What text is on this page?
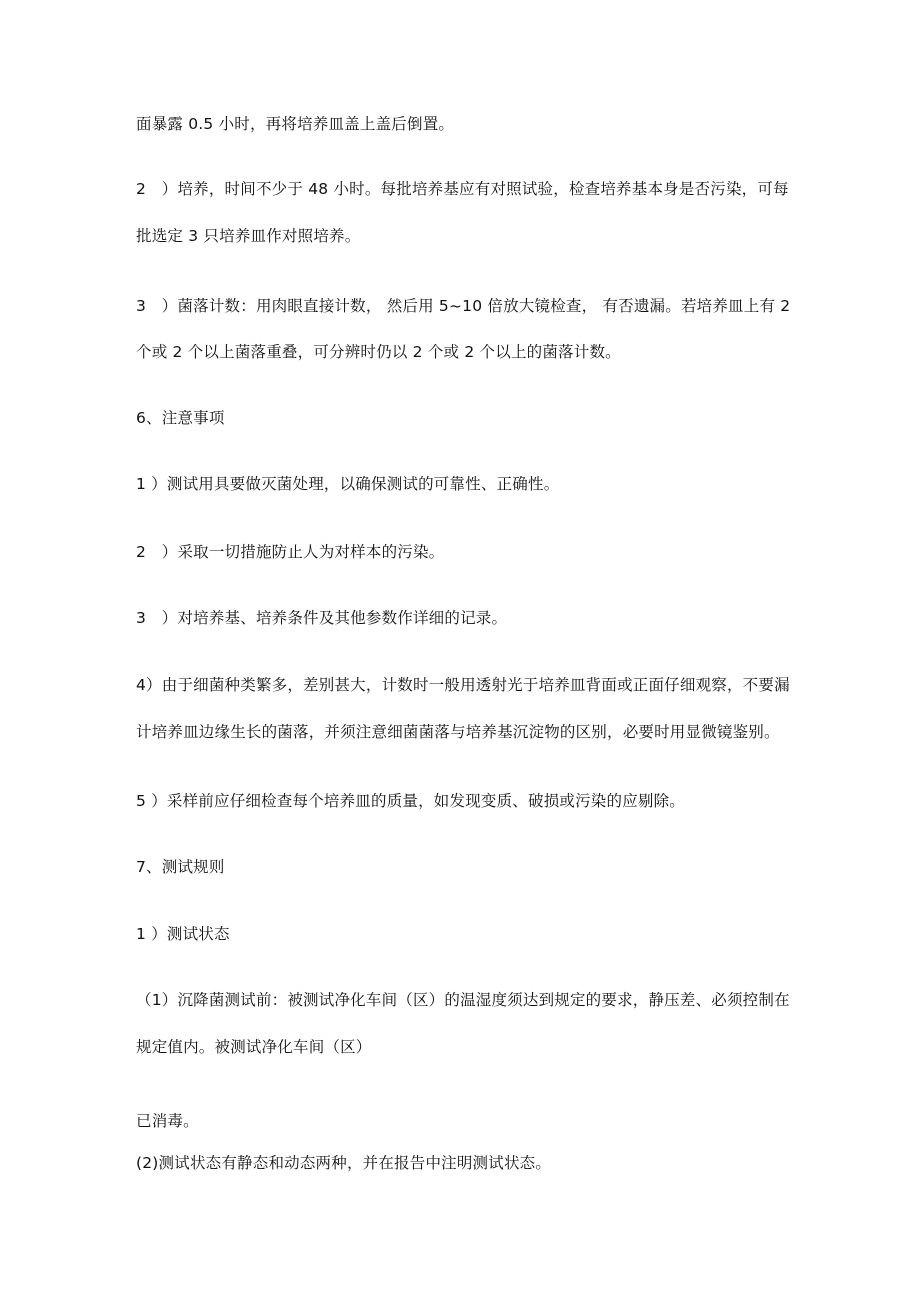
面暴露 0.5 小时，再将培养皿盖上盖后倒置。
2　）培养，时间不少于 48 小时。每批培养基应有对照试验，检查培养基本身是否污染，可每
批选定 3 只培养皿作对照培养。
3　）菌落计数：用肉眼直接计数， 然后用 5~10 倍放大镜检查， 有否遗漏。若培养皿上有 2
个或 2 个以上菌落重叠，可分辨时仍以 2 个或 2 个以上的菌落计数。
6、注意事项
1 ）测试用具要做灭菌处理，以确保测试的可靠性、正确性。
2　）采取一切措施防止人为对样本的污染。
3　）对培养基、培养条件及其他参数作详细的记录。
4）由于细菌种类繁多，差别甚大，计数时一般用透射光于培养皿背面或正面仔细观察，不要漏
计培养皿边缘生长的菌落，并须注意细菌菌落与培养基沉淀物的区别，必要时用显微镜鉴别。
5 ）采样前应仔细检查每个培养皿的质量，如发现变质、破损或污染的应剔除。
7、测试规则
1 ）测试状态
（1）沉降菌测试前：被测试净化车间（区）的温湿度须达到规定的要求，静压差、必须控制在
规定值内。被测试净化车间（区）
已消毒。
(2)测试状态有静态和动态两种，并在报告中注明测试状态。
